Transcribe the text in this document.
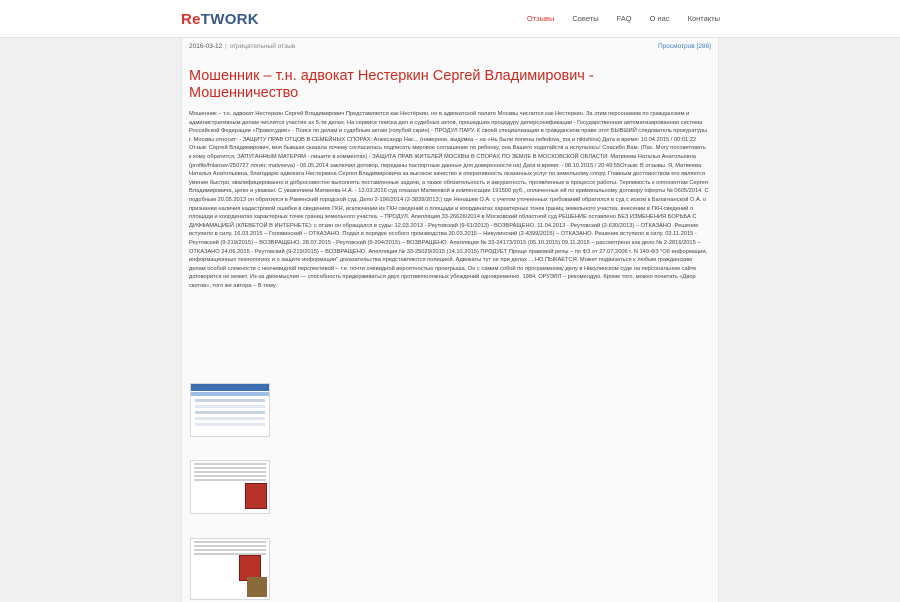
ReTWORK	Отзывы Советы FAQ О нас Контакты
2016-03-12 | отрицательный отзыв	Просмотров [286]
Мошенник – т.н. адвокат Нестеркин Сергей Владимирович - Мошенничество
Мошенник – т.н. адвокат Нестеркин Сергей Владимирович Представляется как Нестёркин, но в адвокатской палате Москвы числится как Нестеркин. За этим персонажем по гражданским и административным делам числится участие ах 5-ти делах. На сервисе поиска дел и судебных актов, прошедших процедуру деперсонификации - Государственная автоматизированная система Российской Федерации «Правосудие» - Поиск по делам и судебным актам (голубой скрин) - ПРОДУЛ ПАРУ. К своей специализации в гражданском праве этот БЫВШИЙ следователь прокуратуры г. Москвы относит: - ЗАЩИТУ ПРАВ ОТЦОВ В СЕМЕЙНЫХ СПОРАХ: Александр Нас... (наверное, выдумка – на «Нь были попены nefedova_ma и nikishina) Дата и время: 10.04.2015 / 00:01:22 Отзыв: Сергей Владимирович, моя бывшая сказала почему согласилась подписать мировое соглашение по ребенку, она Вашего ходатайств а испугалась! Спасибо Вам. (Пас. Могу посоветовать к кому обратится, ЗАПУГАННЫМ МАТЕРЯМ - пишите в комментах) - ЗАЩИТА ПРАВ ЖИТЕЛЕЙ МОСКВЫ В СПОРАХ ПО ЗЕМЛЕ В МОСКОВСКОЙ ОБЛАСТИ: Матвеева Наталья Анатольевна (profile/frilanser/250727 логин: matveeva) - 06.05.2014 заключил договор, переданы паспортные данные для доверенности на) Дата и время: - 08.10.2015 / 20:49:55Отзыв: В отзывы. Я, Матвеева Наталья Анатольевна, благодарю адвоката Нестеркина Сергея Владимировича за высокое качество и оперативность оказанных услуг по земельному спору. Главным достоинством его является умение быстро, квалифицированно и добросовестно выполнять поставленные задачи, а также обязательность и аккуратность, проявленные в процессе работы. Терпимость к оппонентам Сергея Владимировича, ценю и уважаю. С уважением Матвеева Н.А. - 13.03.2016 суд отказал Матвеевой в компенсации 191500 руб., оплаченных ей по криминальному договору оферты № 0605/2014. С подобным 20.05.2013 он обратился в Раменский городской суд. Дело 2-196/2014 (2-3839/2013;) где Ненашев О.А. с учетом уточненных требований обратился в суд с иском к Балагнанской О.А. о признании наличия кадастровой ошибки в сведениях ГКН, исключении из ГКН сведений о площади и координатах характерных точек границ земельного участка, внесении в ГКН сведений о площади и координатах характерных точек границ земельного участка. – ПРОДУЛ. Апелляция 33-26626/2014 в Московский областной суд РЕШЕНИЕ оставлено БЕЗ ИЗМЕНЕНИЯ БОРЬБА С ДИФФАМАЦИЕЙ (КЛЕВЕТОЙ В ИНТЕРНЕТЕ): с отзин он обращался в суды: 12.03.2013 - Реутовский (9-61/2013) - ВОЗВРАЩЕНО. 11.04.2013 - Реутовский (2-630/2013) – ОТКАЗАНО. Решение вступило в силу. 16.03.2015 – Головинский – ОТКАЗАНО. Подал в порядке особого производства 30.03.2015 – Никулинский (2-4399/2015) – ОТКАЗАНО. Решение вступило в силу. 03.11.2015 - Реутовский (9-219/2015) – ВОЗВРАЩЕНО. 28.07.2015 - Реутовский (9-204/2015) – ВОЗВРАЩЕНО. Апелляция № 33-24173/2015 (05.10.2015) 09.11.2015 – рассмотрено как дело № 2-2816/2015 – ОТКАЗАНО 24.06.2015 - Реутовский (9-219/2015) – ВОЗВРАЩЕНО. Апелляция № 33-25029/2015 (14.10.2015) ПРОДУЕТ Проще правовой репы – по ФЗ от 27.07.2006 г. N 149-ФЗ "Об информации, информационных технологиях и о защите информации" доказательства представляются полицией. Адвокаты тут не при делах ... НО ПЫКАЕТСЯ. Может подвизаться к любым гражданским делам особой сложности с неочевидной перспективой – т.е. почти очевидной вероятностью проигрыша. Он с самим собой по программному делу в Никулинском суде на персональном сайте договорится не может. Из-за двоемыслия — способность придерживаться двух противоположных убеждений одновременно. 1984, ОРУЭЛЛ – рекомендую. Кроме того, можно почитать «Двор скотов», того же автора – В тему.
